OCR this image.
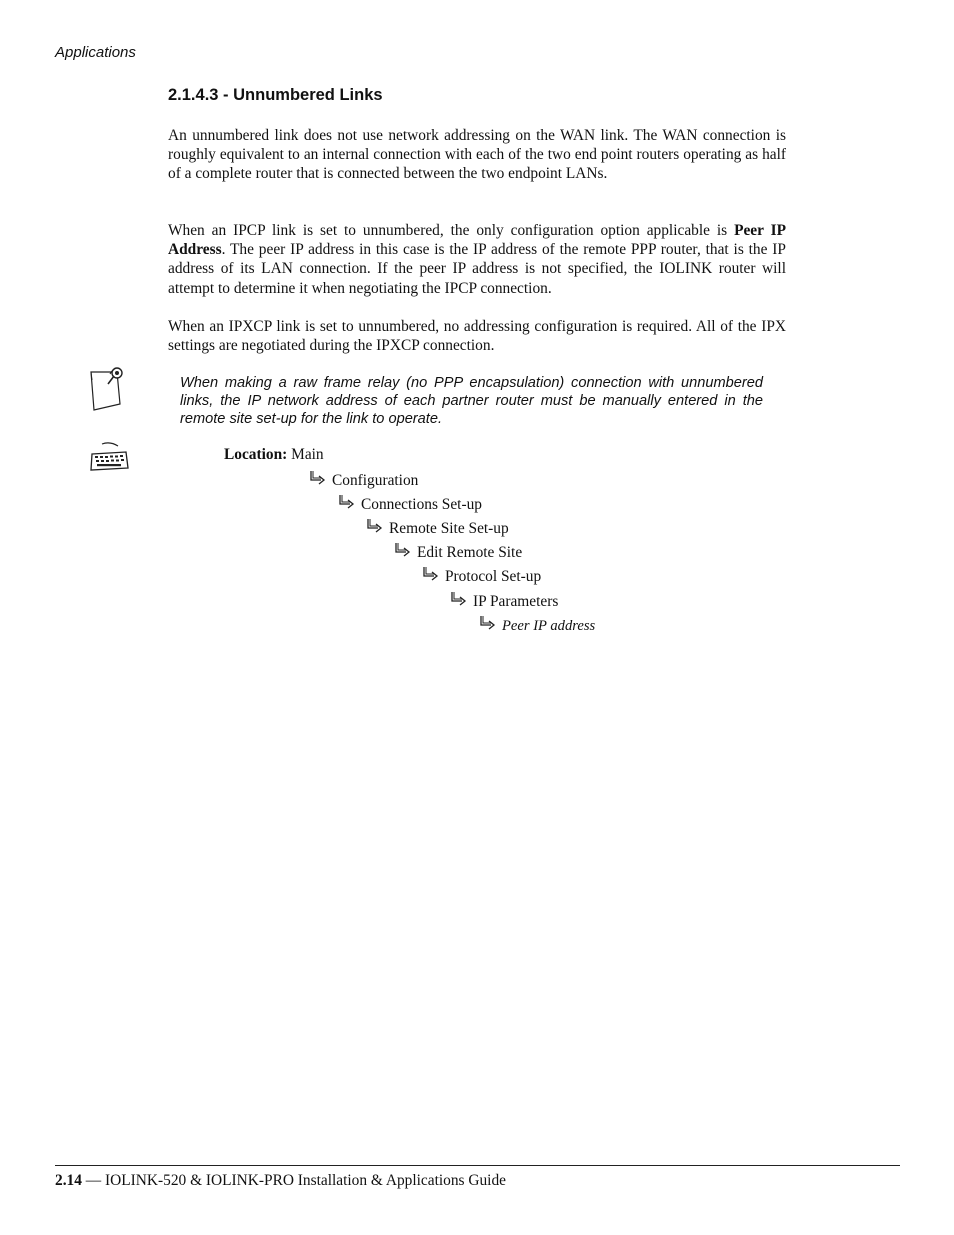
Applications
2.1.4.3 - Unnumbered Links
An unnumbered link does not use network addressing on the WAN link. The WAN connection is roughly equivalent to an internal connection with each of the two end point routers operating as half of a complete router that is connected between the two endpoint LANs.
When an IPCP link is set to unnumbered, the only configuration option applicable is Peer IP Address. The peer IP address in this case is the IP address of the remote PPP router, that is the IP address of its LAN connection. If the peer IP address is not specified, the IOLINK router will attempt to determine it when negotiating the IPCP connection.
When an IPXCP link is set to unnumbered, no addressing configuration is required. All of the IPX settings are negotiated during the IPXCP connection.
When making a raw frame relay (no PPP encapsulation) connection with unnumbered links, the IP network address of each partner router must be manually entered in the remote site set-up for the link to operate.
Location: Main
Configuration
Connections Set-up
Remote Site Set-up
Edit Remote Site
Protocol Set-up
IP Parameters
Peer IP address
2.14 — IOLINK-520 & IOLINK-PRO Installation & Applications Guide
